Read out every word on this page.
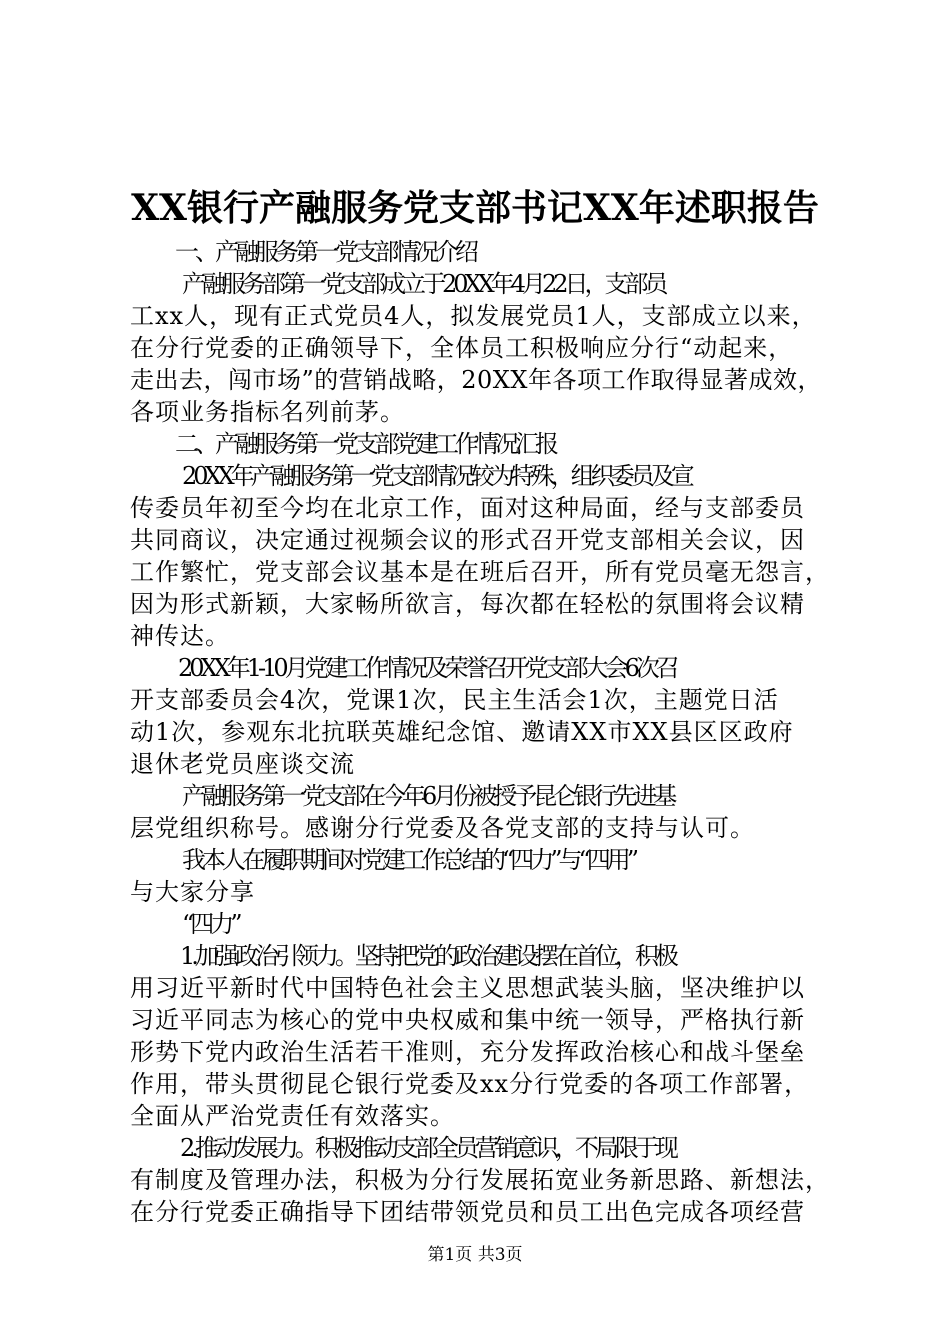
XX银行产融服务党支部书记XX年述职报告
一、产融服务第一党支部情况介绍
产融服务部第一党支部成立于20XX年4月22日，支部员
工xx人，现有正式党员4人，拟发展党员1人，支部成立以来，
在分行党委的正确领导下，全体员工积极响应分行“动起来，
走出去，闯市场”的营销战略，20XX年各项工作取得显著成效，
各项业务指标名列前茅。
二、产融服务第一党支部党建工作情况汇报
20XX年产融服务第一党支部情况较为特殊，组织委员及宣
传委员年初至今均在北京工作，面对这种局面，经与支部委员
共同商议，决定通过视频会议的形式召开党支部相关会议，因
工作繁忙，党支部会议基本是在班后召开，所有党员毫无怨言，
因为形式新颖，大家畅所欲言，每次都在轻松的氛围将会议精
神传达。
20XX年1-10月党建工作情况及荣誉召开党支部大会6次召
开支部委员会4次，党课1次，民主生活会1次，主题党日活
动1次，参观东北抗联英雄纪念馆、邀请XX市XX县区区政府
退休老党员座谈交流
产融服务第一党支部在今年6月份被授予昆仑银行先进基
层党组织称号。感谢分行党委及各党支部的支持与认可。
我本人在履职期间对党建工作总结的“四力”与“四用”
与大家分享
“四力”
1.加强政治引领力。坚持把党的政治建设摆在首位，积极
用习近平新时代中国特色社会主义思想武装头脑，坚决维护以
习近平同志为核心的党中央权威和集中统一领导，严格执行新
形势下党内政治生活若干准则，充分发挥政治核心和战斗堡垒
作用，带头贯彻昆仑银行党委及xx分行党委的各项工作部署，
全面从严治党责任有效落实。
2.推动发展力。积极推动支部全员营销意识，不局限于现
有制度及管理办法，积极为分行发展拓宽业务新思路、新想法，
在分行党委正确指导下团结带领党员和员工出色完成各项经营
第1页 共3页
